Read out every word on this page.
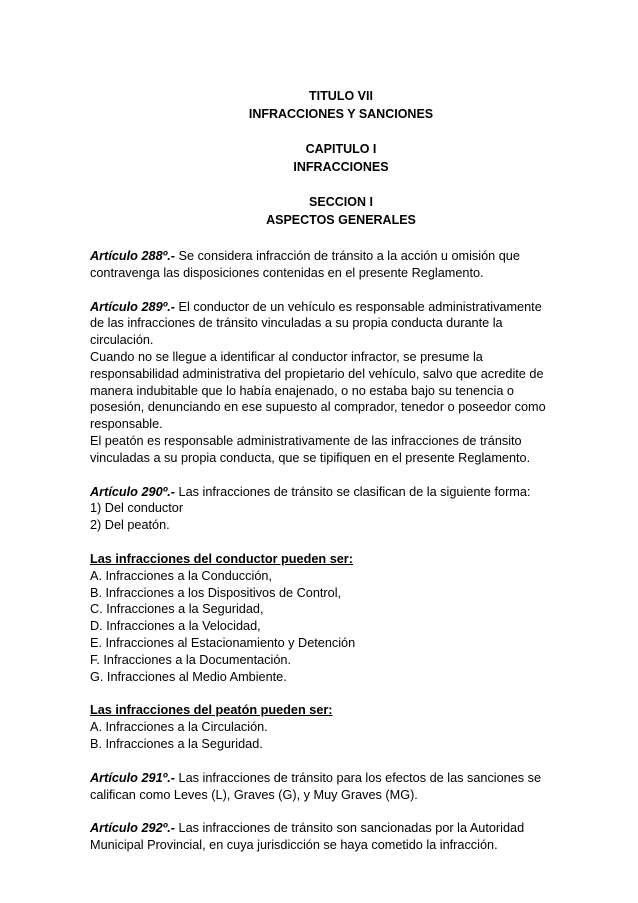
TITULO VII
INFRACCIONES Y SANCIONES
CAPITULO I
INFRACCIONES
SECCION I
ASPECTOS GENERALES

Artículo 288º.- Se considera infracción de tránsito a la acción u omisión que contravenga las disposiciones contenidas en el presente Reglamento.

Artículo 289º.- El conductor de un vehículo es responsable administrativamente de las infracciones de tránsito vinculadas a su propia conducta durante la circulación.
Cuando no se llegue a identificar al conductor infractor, se presume la responsabilidad administrativa del propietario del vehículo, salvo que acredite de manera indubitable que lo había enajenado, o no estaba bajo su tenencia o posesión, denunciando en ese supuesto al comprador, tenedor o poseedor como responsable.
El peatón es responsable administrativamente de las infracciones de tránsito vinculadas a su propia conducta, que se tipifiquen en el presente Reglamento.

Artículo 290º.- Las infracciones de tránsito se clasifican de la siguiente forma:
1) Del conductor
2) Del peatón.

Las infracciones del conductor pueden ser:
A. Infracciones a la Conducción,
B. Infracciones a los Dispositivos de Control,
C. Infracciones a la Seguridad,
D. Infracciones a la Velocidad,
E. Infracciones al Estacionamiento y Detención
F. Infracciones a la Documentación.
G. Infracciones al Medio Ambiente.

Las infracciones del peatón pueden ser:
A. Infracciones a la Circulación.
B. Infracciones a la Seguridad.

Artículo 291º.- Las infracciones de tránsito para los efectos de las sanciones se califican como Leves (L), Graves (G), y Muy Graves (MG).

Artículo 292º.- Las infracciones de tránsito son sancionadas por la Autoridad Municipal Provincial, en cuya jurisdicción se haya cometido la infracción.
